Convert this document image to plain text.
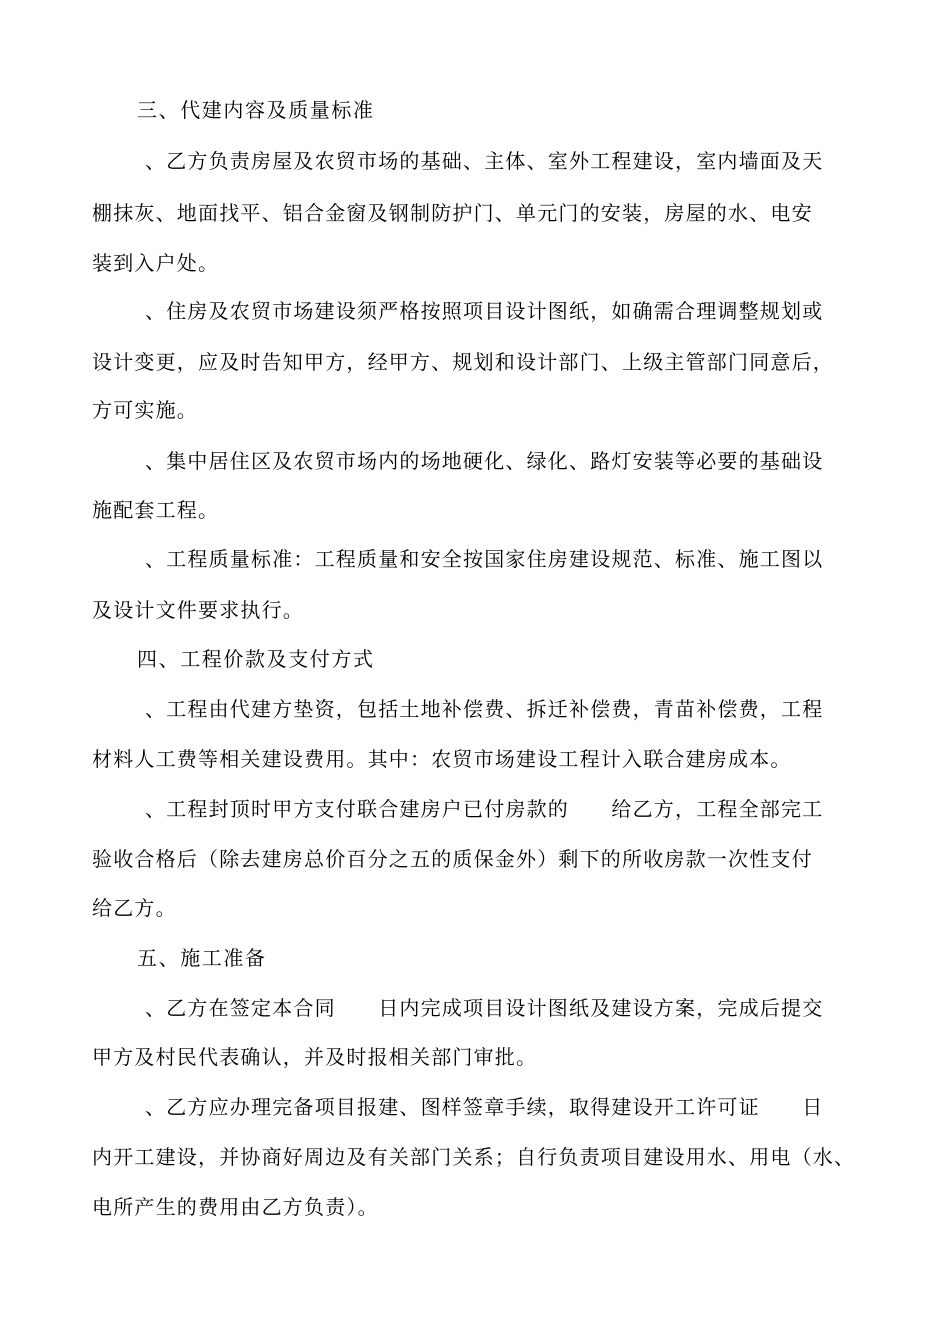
三、代建内容及质量标准
、乙方负责房屋及农贸市场的基础、主体、室外工程建设，室内墙面及天
棚抹灰、地面找平、铝合金窗及钢制防护门、单元门的安装，房屋的水、电安
装到入户处。
、住房及农贸市场建设须严格按照项目设计图纸，如确需合理调整规划或
设计变更，应及时告知甲方，经甲方、规划和设计部门、上级主管部门同意后，
方可实施。
、集中居住区及农贸市场内的场地硬化、绿化、路灯安装等必要的基础设
施配套工程。
、工程质量标准：工程质量和安全按国家住房建设规范、标准、施工图以
及设计文件要求执行。
四、工程价款及支付方式
、工程由代建方垫资，包括土地补偿费、拆迁补偿费，青苗补偿费，工程
材料人工费等相关建设费用。其中：农贸市场建设工程计入联合建房成本。
、工程封顶时甲方支付联合建房户已付房款的　　给乙方，工程全部完工
验收合格后（除去建房总价百分之五的质保金外）剩下的所收房款一次性支付
给乙方。
五、施工准备
、乙方在签定本合同　　日内完成项目设计图纸及建设方案，完成后提交
甲方及村民代表确认，并及时报相关部门审批。
、乙方应办理完备项目报建、图样签章手续，取得建设开工许可证　　日
内开工建设，并协商好周边及有关部门关系；自行负责项目建设用水、用电（水、
电所产生的费用由乙方负责）。
